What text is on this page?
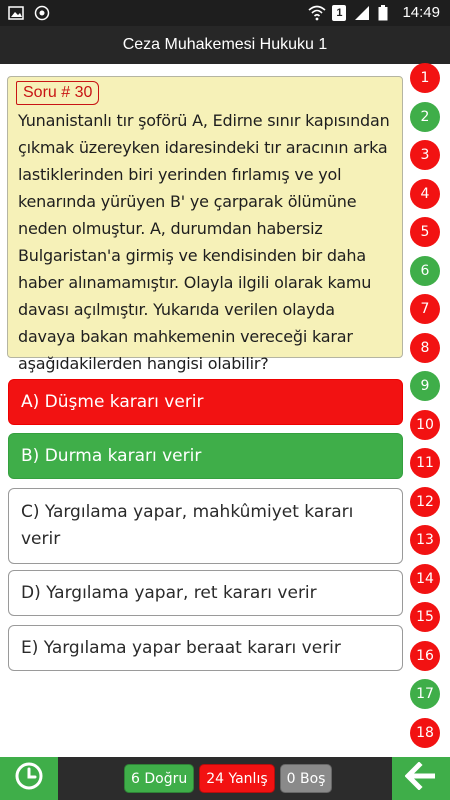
1	14:49
Ceza Muhakemesi Hukuku 1
Soru # 30
Yunanistanlı tır şoförü A, Edirne sınır kapısından çıkmak üzereyken idaresindeki tır aracının arka lastiklerinden biri yerinden fırlamış ve yol kenarında yürüyen B' ye çarparak ölümüne neden olmuştur. A, durumdan habersiz Bulgaristan'a girmiş ve kendisinden bir daha haber alınamamıştır. Olayla ilgili olarak kamu davası açılmıştır. Yukarıda verilen olayda davaya bakan mahkemenin vereceği karar aşağıdakilerden hangisi olabilir?
A) Düşme kararı verir
B) Durma kararı verir
C) Yargılama yapar, mahkûmiyet kararı verir
D) Yargılama yapar, ret kararı verir
E) Yargılama yapar beraat kararı verir
1
2
3
4
5
6
7
8
9
10
11
12
13
14
15
16
17
18
6 Doğru	24 Yanlış	0 Boş
